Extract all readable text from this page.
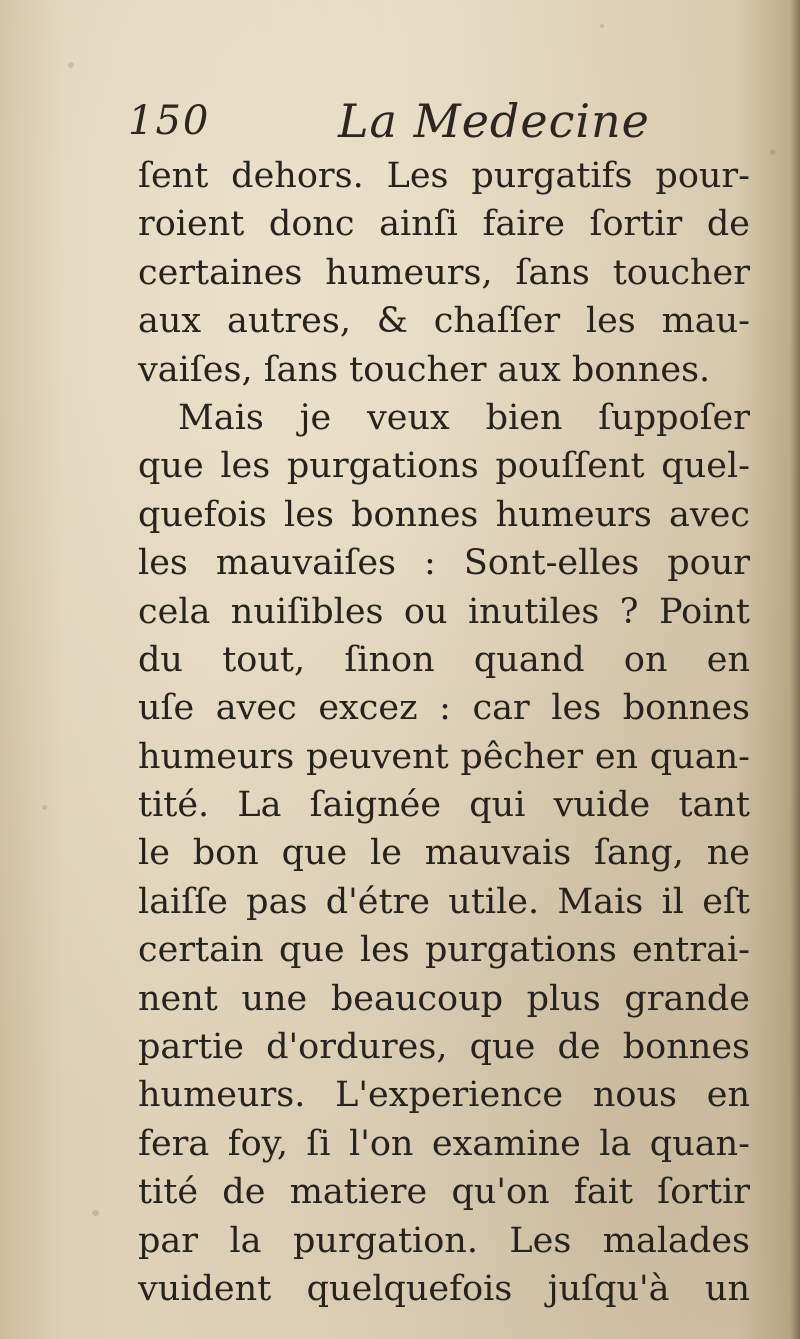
150	La Medecine
ſent dehors. Les purgatifs pour-
roient donc ainſi faire ſortir de
certaines humeurs, ſans toucher
aux autres, & chaſſer les mau-
vaiſes, ſans toucher aux bonnes.
Mais je veux bien ſuppoſer
que les purgations pouſſent quel-
quefois les bonnes humeurs avec
les mauvaiſes : Sont-elles pour
cela nuiſibles ou inutiles ? Point
du tout, ſinon quand on en
uſe avec excez : car les bonnes
humeurs peuvent pêcher en quan-
tité. La ſaignée qui vuide tant
le bon que le mauvais ſang, ne
laiſſe pas d'étre utile. Mais il eſt
certain que les purgations entrai-
nent une beaucoup plus grande
partie d'ordures, que de bonnes
humeurs. L'experience nous en
fera foy, ſi l'on examine la quan-
tité de matiere qu'on fait ſortir
par la purgation. Les malades
vuident quelquefois juſqu'à un
